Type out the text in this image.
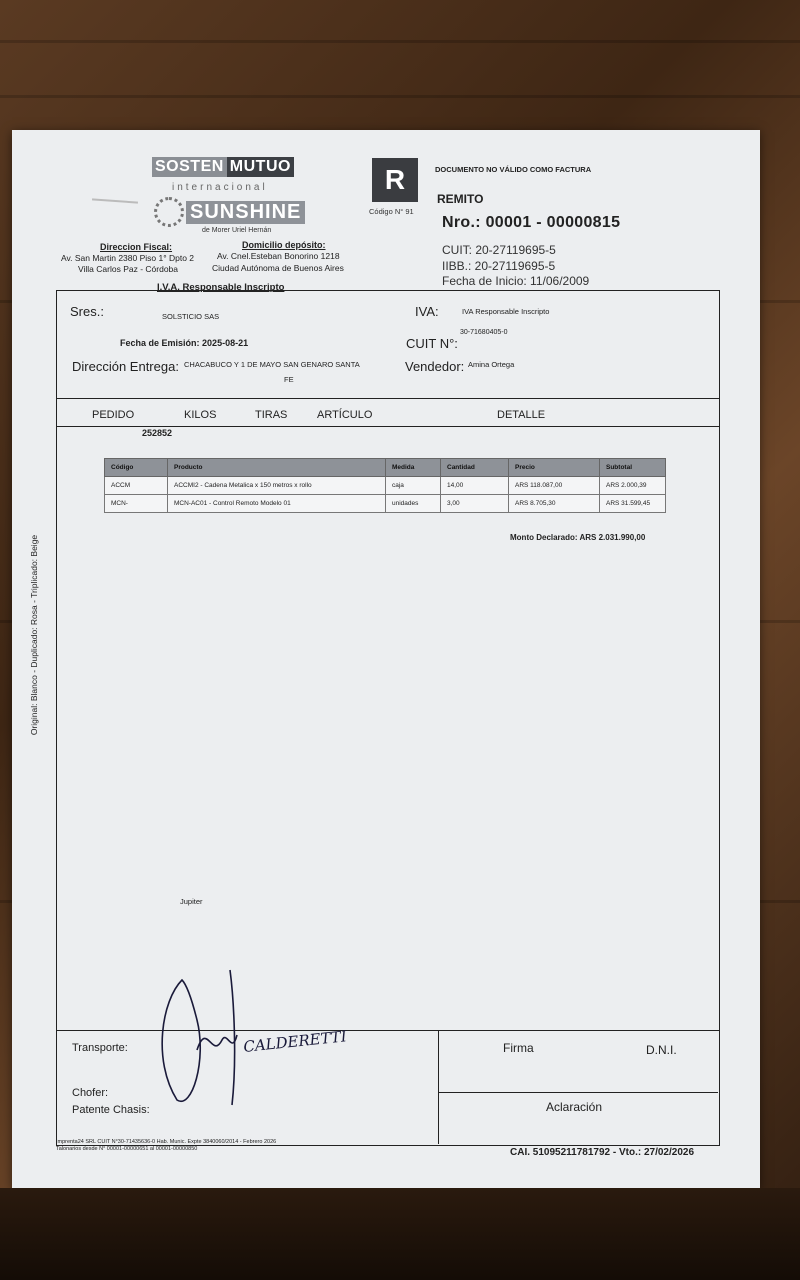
SOSTEN MUTUO
internacional
SUNSHINE
de Morer Uriel Hernán
Direccion Fiscal:
Av. San Martin 2380 Piso 1° Dpto 2
Villa Carlos Paz - Córdoba
Domicilio depósito:
Av. Cnel.Esteban Bonorino 1218
Ciudad Autónoma de Buenos Aires
I.V.A. Responsable Inscripto
R
Código N° 91
DOCUMENTO NO VÁLIDO COMO FACTURA
REMITO
Nro.: 00001 - 00000815
CUIT: 20-27119695-5
IIBB.: 20-27119695-5
Fecha de Inicio: 11/06/2009
Sres.:	SOLSTICIO SAS	IVA:	IVA Responsable Inscripto
Fecha de Emisión: 2025-08-21	CUIT N°:
30-71680405-0
Dirección Entrega: CHACABUCO Y 1 DE MAYO SAN GENARO SANTA
FE
Vendedor: Amina Ortega
PEDIDO	KILOS	TIRAS	ARTÍCULO	DETALLE
252852
Código	Producto	Medida	Cantidad	Precio	Subtotal
ACCM	ACCMI2 - Cadena Metalica x 150 metros x rollo	caja	14,00	ARS 118.087,00	ARS 2.000,39
MCN-	MCN-AC01 - Control Remoto Modelo 01	unidades	3,00	ARS 8.705,30	ARS 31.599,45
Monto Declarado: ARS 2.031.990,00
Jupiter
Original: Blanco - Duplicado: Rosa - Triplicado: Beige
Transporte:
Chofer:
Patente Chasis:
Firma	D.N.I.
Aclaración
CALDERETTI
Imprenta24 SRL CUIT N°30-71435636-0 Hab. Munic. Expte 3840060/2014 - Febrero 2026
Talonarios desde N° 00001-00000651 al 00001-00000850	CAI. 51095211781792 - Vto.: 27/02/2026
